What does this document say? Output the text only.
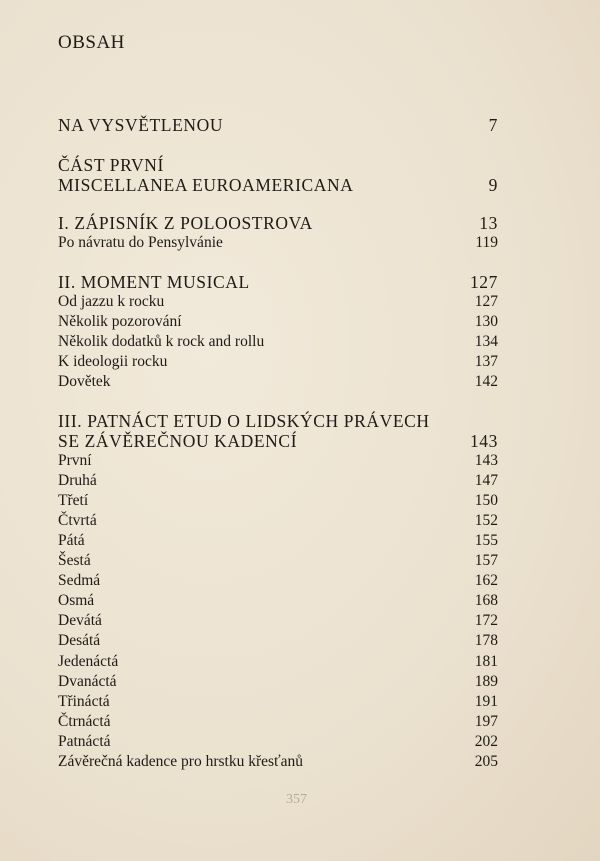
OBSAH
NA VYSVĚTLENOU	7
ČÁST PRVNÍ
MISCELLANEA EUROAMERICANA	9
I. ZÁPISNÍK Z POLOOSTROVA	13
Po návratu do Pensylvánie	119
II. MOMENT MUSICAL	127
Od jazzu k rocku	127
Několik pozorování	130
Několik dodatků k rock and rollu	134
K ideologii rocku	137
Dovětek	142
III. PATNÁCT ETUD O LIDSKÝCH PRÁVECH
SE ZÁVĚREČNOU KADENCÍ	143
První	143
Druhá	147
Třetí	150
Čtvrtá	152
Pátá	155
Šestá	157
Sedmá	162
Osmá	168
Devátá	172
Desátá	178
Jedenáctá	181
Dvanáctá	189
Třináctá	191
Čtrnáctá	197
Patnáctá	202
Závěrečná kadence pro hrstku křesťanů	205
357
